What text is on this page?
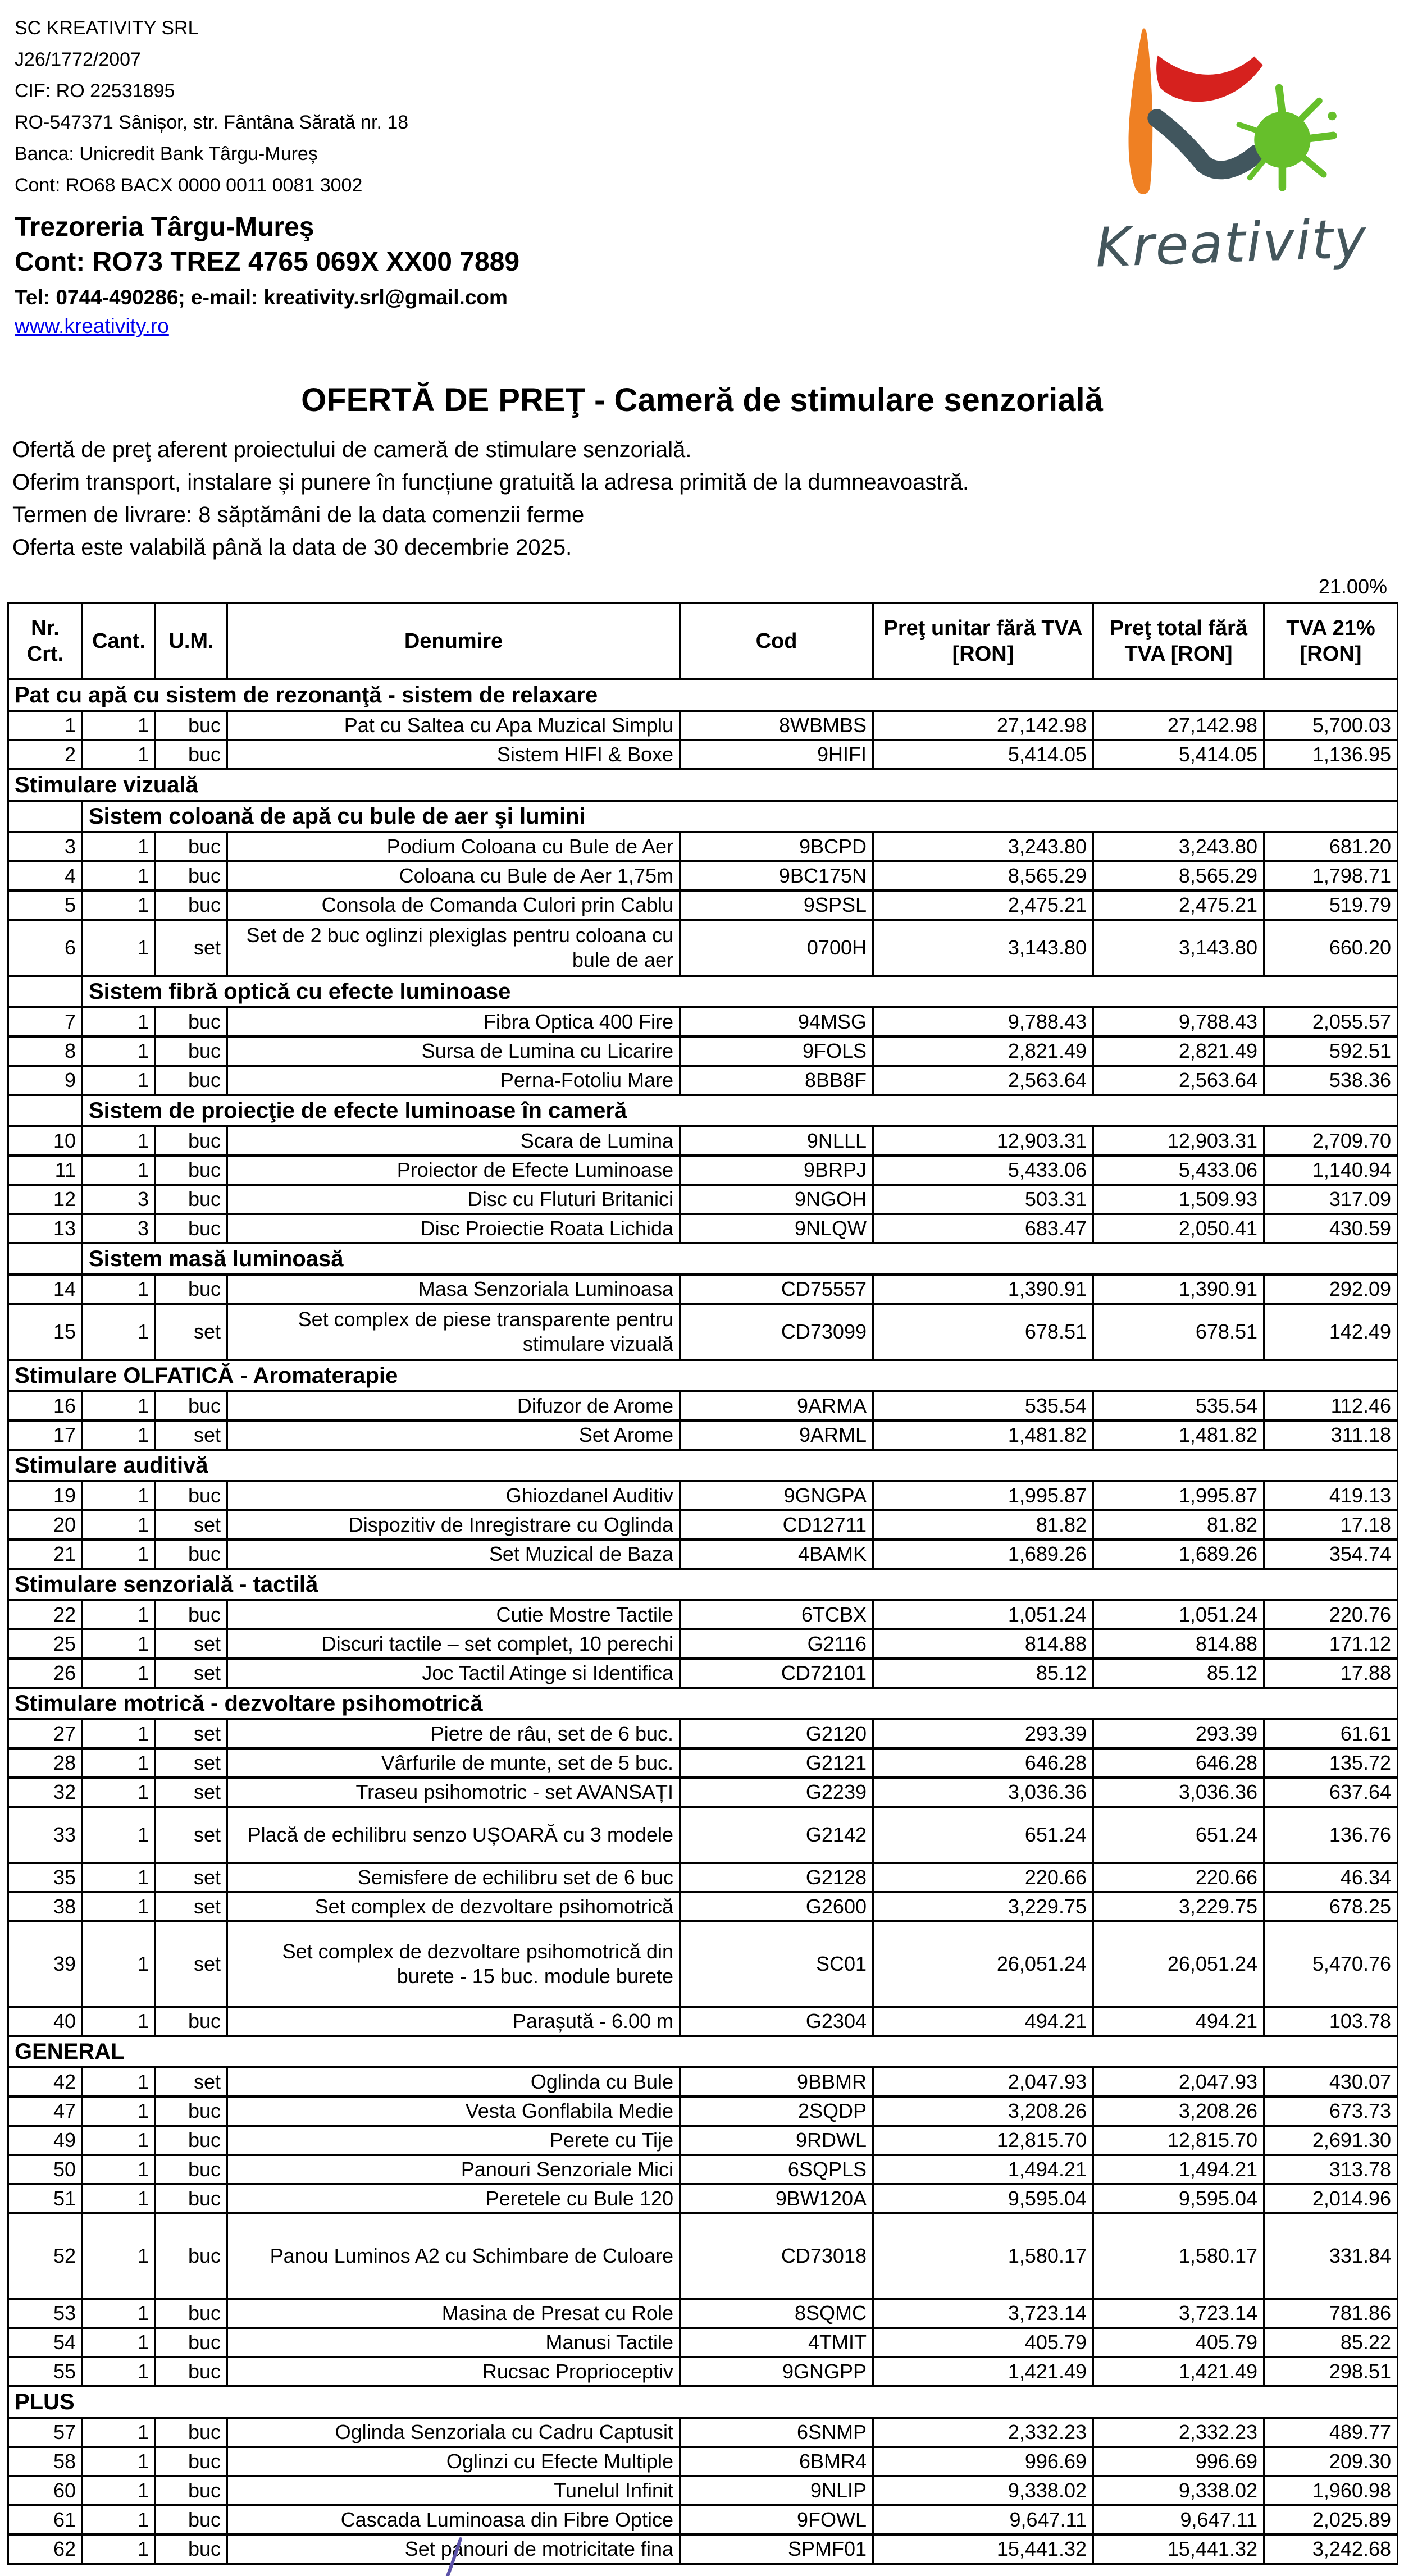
SC KREATIVITY SRL
J26/1772/2007
CIF: RO 22531895
RO-547371 Sânișor, str. Fântâna Sărată nr. 18
Banca: Unicredit Bank Târgu-Mureș
Cont: RO68 BACX 0000 0011 0081 3002
Trezoreria Târgu-Mureş
Cont: RO73 TREZ 4765 069X XX00 7889
Tel: 0744-490286; e-mail: kreativity.srl@gmail.com
www.kreativity.ro
Kreativity
OFERTĂ DE PREŢ - Cameră de stimulare senzorială
Ofertă de preţ aferent proiectului de cameră de stimulare senzorială.
Oferim transport, instalare și punere în funcțiune gratuită la adresa primită de la dumneavoastră.
Termen de livrare: 8 săptămâni de la data comenzii ferme
Oferta este valabilă până la data de 30 decembrie 2025.
21.00%
Nr. Crt.	Cant.	U.M.	Denumire	Cod	Preţ unitar fără TVA [RON]	Preţ total fără TVA [RON]	TVA 21% [RON]
Pat cu apă cu sistem de rezonanţă - sistem de relaxare							
1	1	buc	Pat cu Saltea cu Apa Muzical Simplu	8WBMBS	27,142.98	27,142.98	5,700.03
2	1	buc	Sistem HIFI & Boxe	9HIFI	5,414.05	5,414.05	1,136.95
Stimulare vizuală							
	Sistem coloană de apă cu bule de aer şi lumini						
3	1	buc	Podium Coloana cu Bule de Aer	9BCPD	3,243.80	3,243.80	681.20
4	1	buc	Coloana cu Bule de Aer 1,75m	9BC175N	8,565.29	8,565.29	1,798.71
5	1	buc	Consola de Comanda Culori prin Cablu	9SPSL	2,475.21	2,475.21	519.79
6	1	set	Set de 2 buc oglinzi plexiglas pentru coloana cu bule de aer	0700H	3,143.80	3,143.80	660.20
	Sistem fibră optică cu efecte luminoase						
7	1	buc	Fibra Optica 400 Fire	94MSG	9,788.43	9,788.43	2,055.57
8	1	buc	Sursa de Lumina cu Licarire	9FOLS	2,821.49	2,821.49	592.51
9	1	buc	Perna-Fotoliu Mare	8BB8F	2,563.64	2,563.64	538.36
	Sistem de proiecţie de efecte luminoase în cameră						
10	1	buc	Scara de Lumina	9NLLL	12,903.31	12,903.31	2,709.70
11	1	buc	Proiector de Efecte Luminoase	9BRPJ	5,433.06	5,433.06	1,140.94
12	3	buc	Disc cu Fluturi Britanici	9NGOH	503.31	1,509.93	317.09
13	3	buc	Disc Proiectie Roata Lichida	9NLQW	683.47	2,050.41	430.59
	Sistem masă luminoasă						
14	1	buc	Masa Senzoriala Luminoasa	CD75557	1,390.91	1,390.91	292.09
15	1	set	Set complex de piese transparente pentru stimulare vizuală	CD73099	678.51	678.51	142.49
Stimulare OLFATICĂ - Aromaterapie							
16	1	buc	Difuzor de Arome	9ARMA	535.54	535.54	112.46
17	1	set	Set Arome	9ARML	1,481.82	1,481.82	311.18
Stimulare auditivă							
19	1	buc	Ghiozdanel Auditiv	9GNGPA	1,995.87	1,995.87	419.13
20	1	set	Dispozitiv de Inregistrare cu Oglinda	CD12711	81.82	81.82	17.18
21	1	buc	Set Muzical de Baza	4BAMK	1,689.26	1,689.26	354.74
Stimulare senzorială - tactilă							
22	1	buc	Cutie Mostre Tactile	6TCBX	1,051.24	1,051.24	220.76
25	1	set	Discuri tactile – set complet, 10 perechi	G2116	814.88	814.88	171.12
26	1	set	Joc Tactil Atinge si Identifica	CD72101	85.12	85.12	17.88
Stimulare motrică - dezvoltare psihomotrică							
27	1	set	Pietre de râu, set de 6 buc.	G2120	293.39	293.39	61.61
28	1	set	Vârfurile de munte, set de 5 buc.	G2121	646.28	646.28	135.72
32	1	set	Traseu psihomotric - set AVANSAȚI	G2239	3,036.36	3,036.36	637.64
33	1	set	Placă de echilibru senzo UȘOARĂ cu 3 modele	G2142	651.24	651.24	136.76
35	1	set	Semisfere de echilibru set de 6 buc	G2128	220.66	220.66	46.34
38	1	set	Set complex de dezvoltare psihomotrică	G2600	3,229.75	3,229.75	678.25
39	1	set	Set complex de dezvoltare psihomotrică din burete - 15 buc. module burete	SC01	26,051.24	26,051.24	5,470.76
40	1	buc	Parașută - 6.00 m	G2304	494.21	494.21	103.78
GENERAL							
42	1	set	Oglinda cu Bule	9BBMR	2,047.93	2,047.93	430.07
47	1	buc	Vesta Gonflabila Medie	2SQDP	3,208.26	3,208.26	673.73
49	1	buc	Perete cu Tije	9RDWL	12,815.70	12,815.70	2,691.30
50	1	buc	Panouri Senzoriale Mici	6SQPLS	1,494.21	1,494.21	313.78
51	1	buc	Peretele cu Bule 120	9BW120A	9,595.04	9,595.04	2,014.96
52	1	buc	Panou Luminos A2 cu Schimbare de Culoare	CD73018	1,580.17	1,580.17	331.84
53	1	buc	Masina de Presat cu Role	8SQMC	3,723.14	3,723.14	781.86
54	1	buc	Manusi Tactile	4TMIT	405.79	405.79	85.22
55	1	buc	Rucsac Proprioceptiv	9GNGPP	1,421.49	1,421.49	298.51
PLUS							
57	1	buc	Oglinda Senzoriala cu Cadru Captusit	6SNMP	2,332.23	2,332.23	489.77
58	1	buc	Oglinzi cu Efecte Multiple	6BMR4	996.69	996.69	209.30
60	1	buc	Tunelul Infinit	9NLIP	9,338.02	9,338.02	1,960.98
61	1	buc	Cascada Luminoasa din Fibre Optice	9FOWL	9,647.11	9,647.11	2,025.89
62	1	buc	Set panouri de motricitate fina	SPMF01	15,441.32	15,441.32	3,242.68
